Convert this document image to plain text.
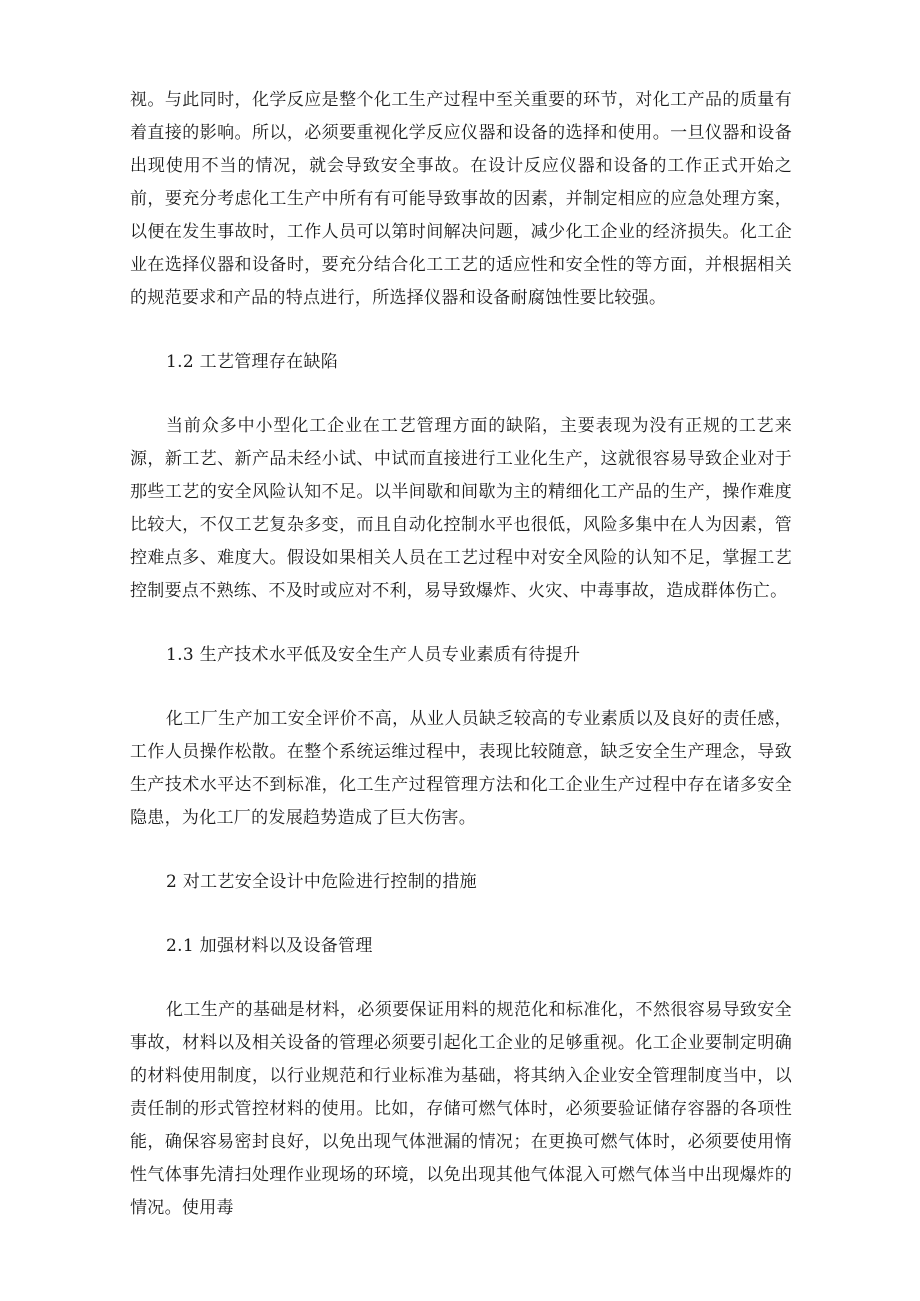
视。与此同时，化学反应是整个化工生产过程中至关重要的环节，对化工产品的质量有着直接的影响。所以，必须要重视化学反应仪器和设备的选择和使用。一旦仪器和设备出现使用不当的情况，就会导致安全事故。在设计反应仪器和设备的工作正式开始之前，要充分考虑化工生产中所有有可能导致事故的因素，并制定相应的应急处理方案，以便在发生事故时，工作人员可以第时间解决问题，减少化工企业的经济损失。化工企业在选择仪器和设备时，要充分结合化工工艺的适应性和安全性的等方面，并根据相关的规范要求和产品的特点进行，所选择仪器和设备耐腐蚀性要比较强。

1.2 工艺管理存在缺陷

当前众多中小型化工企业在工艺管理方面的缺陷，主要表现为没有正规的工艺来源，新工艺、新产品未经小试、中试而直接进行工业化生产，这就很容易导致企业对于那些工艺的安全风险认知不足。以半间歇和间歇为主的精细化工产品的生产，操作难度比较大，不仅工艺复杂多变，而且自动化控制水平也很低，风险多集中在人为因素，管控难点多、难度大。假设如果相关人员在工艺过程中对安全风险的认知不足，掌握工艺控制要点不熟练、不及时或应对不利，易导致爆炸、火灾、中毒事故，造成群体伤亡。

1.3 生产技术水平低及安全生产人员专业素质有待提升

化工厂生产加工安全评价不高，从业人员缺乏较高的专业素质以及良好的责任感，工作人员操作松散。在整个系统运维过程中，表现比较随意，缺乏安全生产理念，导致生产技术水平达不到标准，化工生产过程管理方法和化工企业生产过程中存在诸多安全隐患，为化工厂的发展趋势造成了巨大伤害。

2 对工艺安全设计中危险进行控制的措施

2.1 加强材料以及设备管理

化工生产的基础是材料，必须要保证用料的规范化和标准化，不然很容易导致安全事故，材料以及相关设备的管理必须要引起化工企业的足够重视。化工企业要制定明确的材料使用制度，以行业规范和行业标准为基础，将其纳入企业安全管理制度当中，以责任制的形式管控材料的使用。比如，存储可燃气体时，必须要验证储存容器的各项性能，确保容易密封良好，以免出现气体泄漏的情况；在更换可燃气体时，必须要使用惰性气体事先清扫处理作业现场的环境，以免出现其他气体混入可燃气体当中出现爆炸的情况。使用毒
